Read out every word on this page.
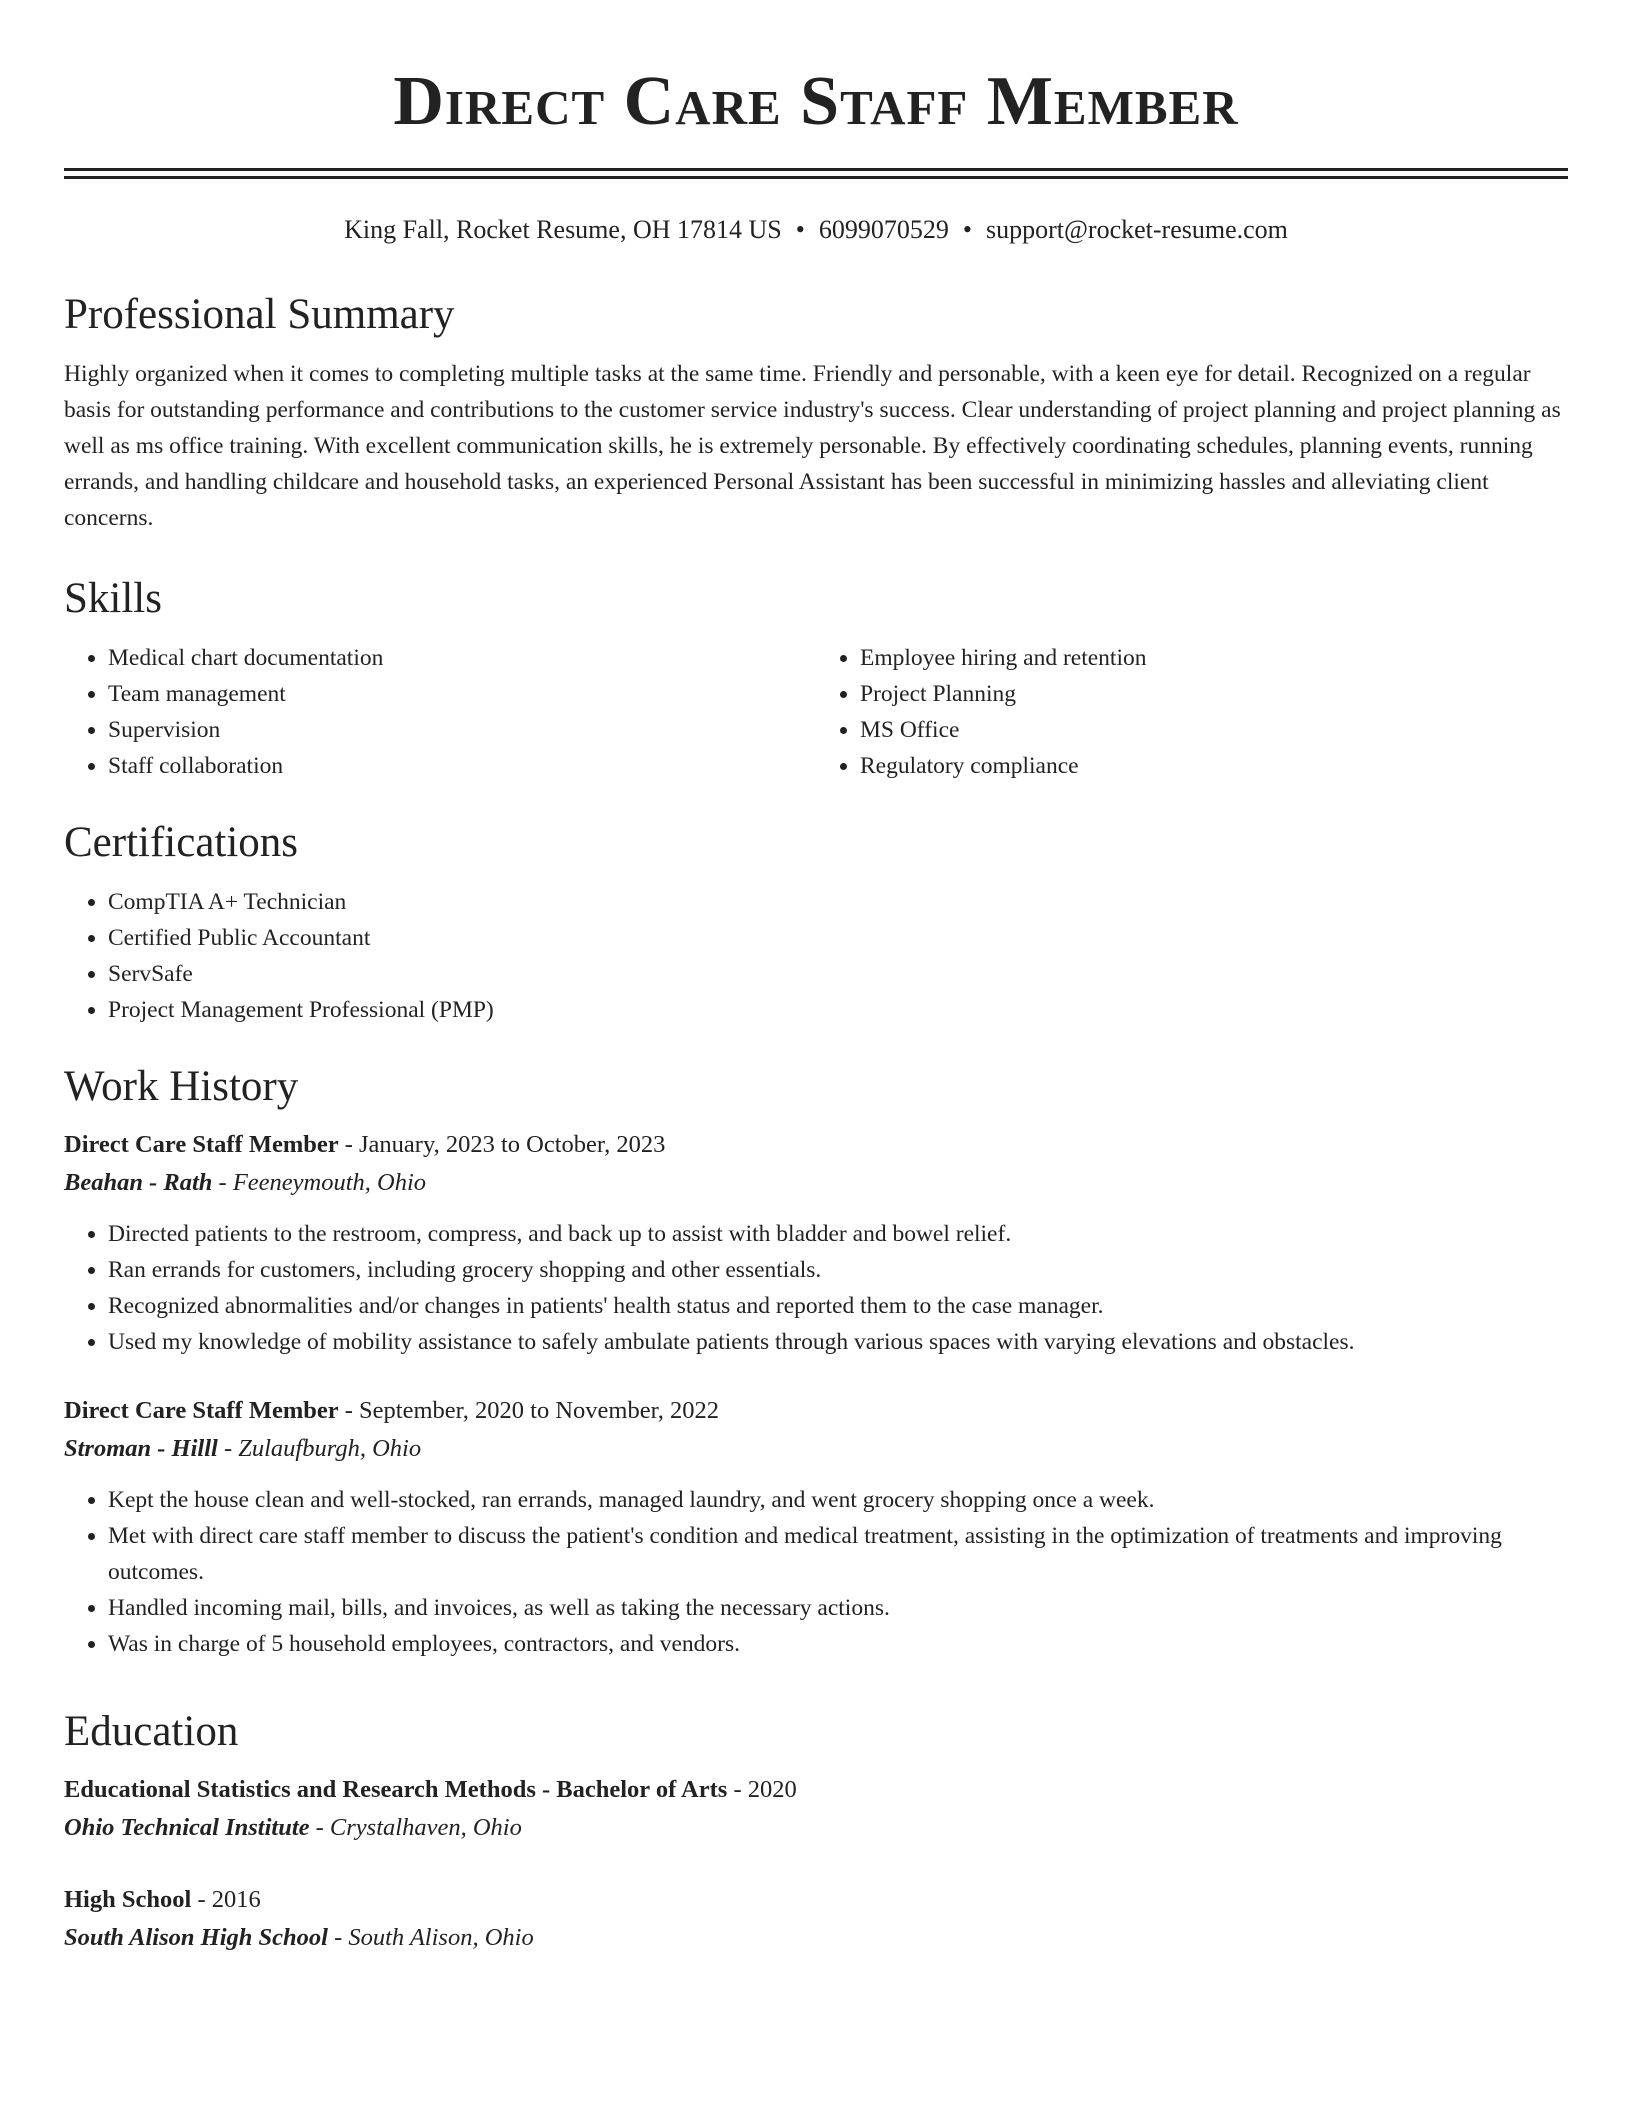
Direct Care Staff Member
King Fall, Rocket Resume, OH 17814 US • 6099070529 • support@rocket-resume.com
Professional Summary

Highly organized when it comes to completing multiple tasks at the same time. Friendly and personable, with a keen eye for detail. Recognized on a regular basis for outstanding performance and contributions to the customer service industry's success. Clear understanding of project planning and project planning as well as ms office training. With excellent communication skills, he is extremely personable. By effectively coordinating schedules, planning events, running errands, and handling childcare and household tasks, an experienced Personal Assistant has been successful in minimizing hassles and alleviating client concerns.

Skills
• Medical chart documentation
• Team management
• Supervision
• Staff collaboration
• Employee hiring and retention
• Project Planning
• MS Office
• Regulatory compliance
Certifications
• CompTIA A+ Technician
• Certified Public Accountant
• ServSafe
• Project Management Professional (PMP)
Work History
Direct Care Staff Member - January, 2023 to October, 2023
Beahan - Rath - Feeneymouth, Ohio
• Directed patients to the restroom, compress, and back up to assist with bladder and bowel relief.
• Ran errands for customers, including grocery shopping and other essentials.
• Recognized abnormalities and/or changes in patients' health status and reported them to the case manager.
• Used my knowledge of mobility assistance to safely ambulate patients through various spaces with varying elevations and obstacles.
Direct Care Staff Member - September, 2020 to November, 2022
Stroman - Hilll - Zulaufburgh, Ohio
• Kept the house clean and well-stocked, ran errands, managed laundry, and went grocery shopping once a week.
• Met with direct care staff member to discuss the patient's condition and medical treatment, assisting in the optimization of treatments and improving outcomes.
• Handled incoming mail, bills, and invoices, as well as taking the necessary actions.
• Was in charge of 5 household employees, contractors, and vendors.
Education
Educational Statistics and Research Methods - Bachelor of Arts - 2020
Ohio Technical Institute - Crystalhaven, Ohio
High School - 2016
South Alison High School - South Alison, Ohio
